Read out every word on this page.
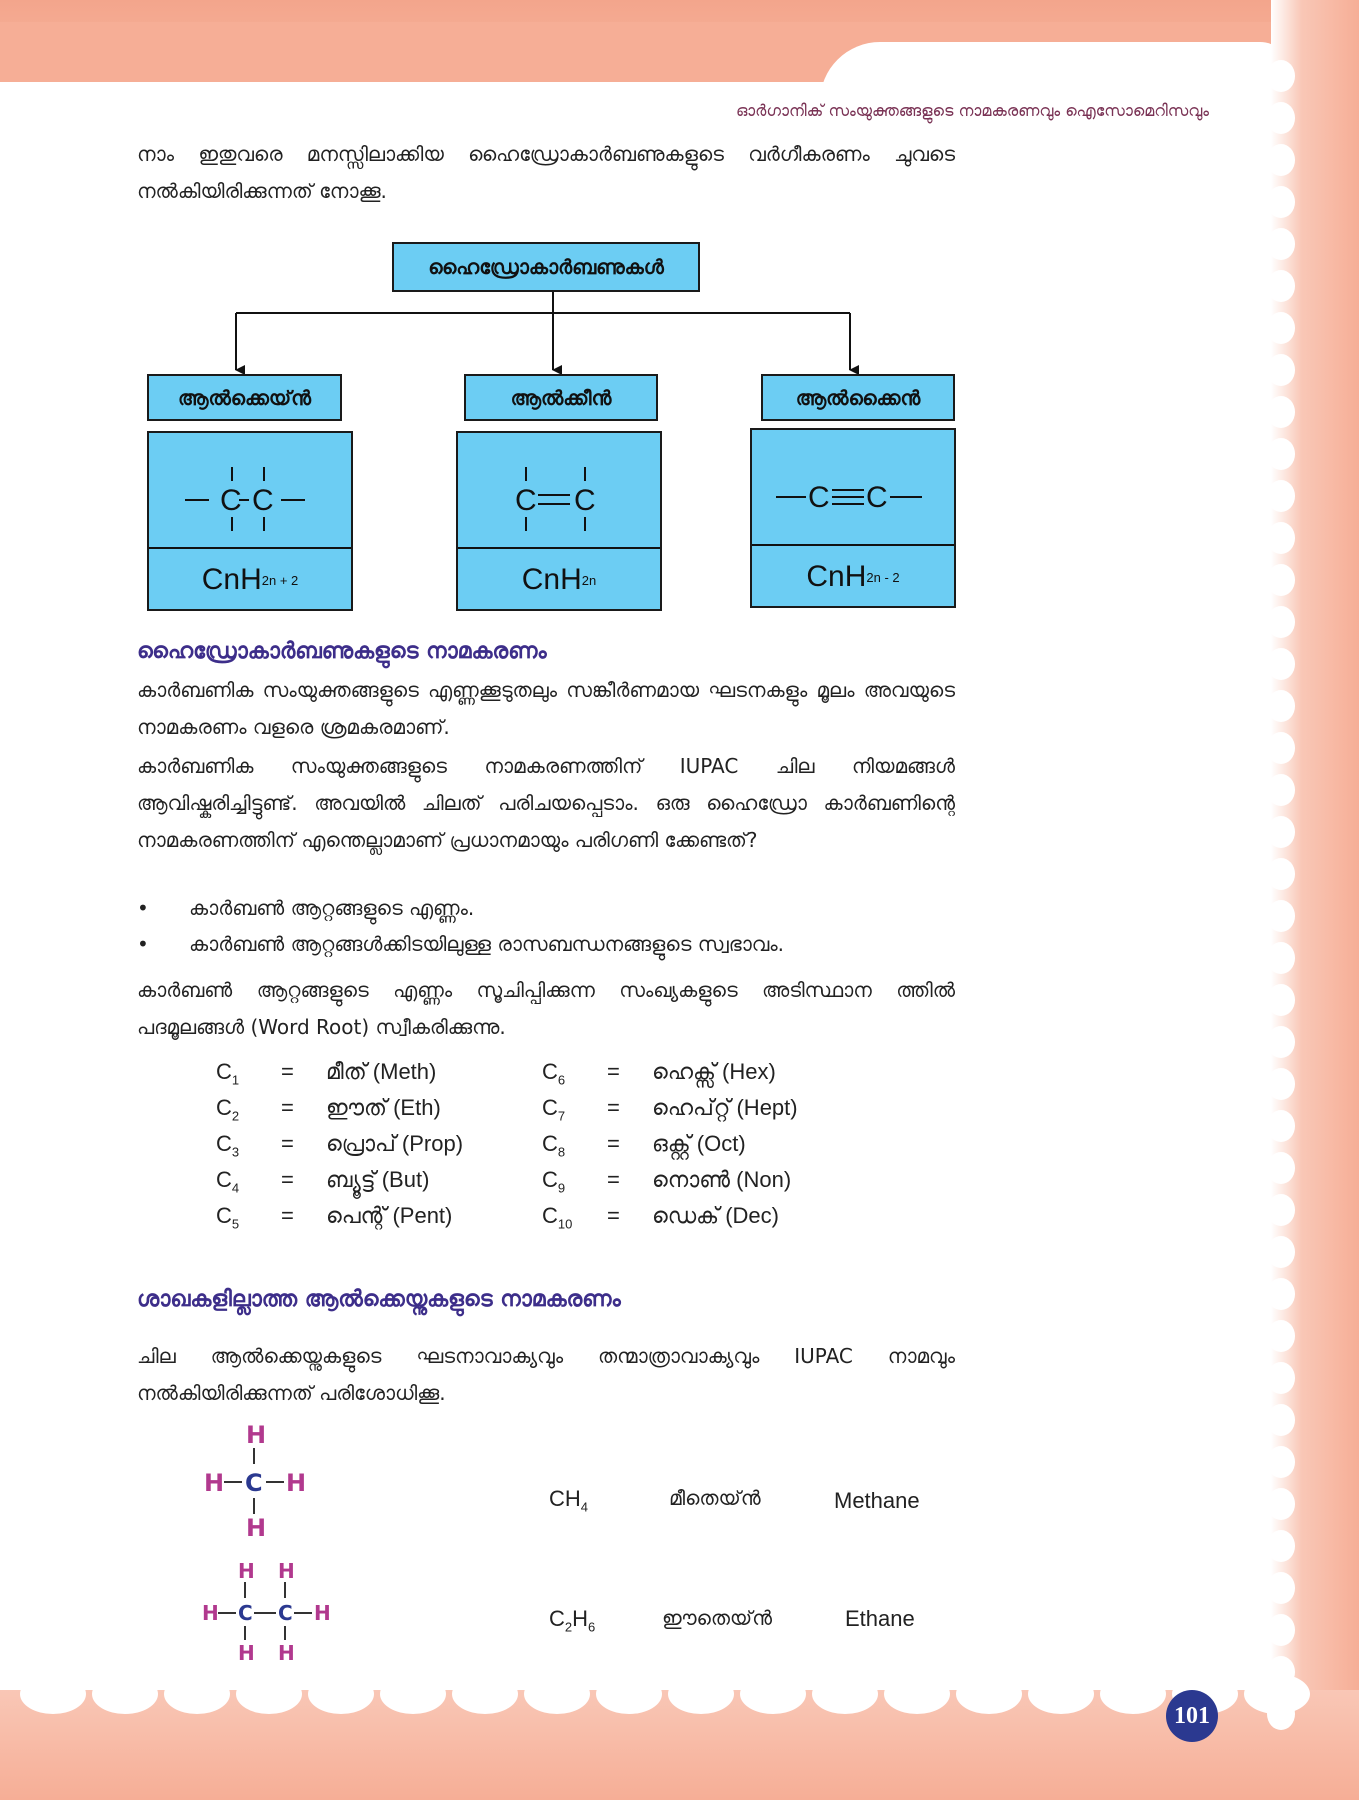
ഓർഗാനിക് സംയുക്തങ്ങളുടെ നാമകരണവും ഐസോമെറിസവും
നാം ഇതുവരെ മനസ്സിലാക്കിയ ഹൈഡ്രോകാർബണുകളുടെ വർഗീകരണം ചുവടെ നൽകിയിരിക്കുന്നത് നോക്കൂ.
ഹൈഡ്രോകാർബണുകൾ
ആൽക്കെയ്ൻ
C C
CnH 2n + 2
ആൽക്കീൻ
C C
CnH 2n
ആൽക്കൈൻ
C C
CnH 2n - 2
ഹൈഡ്രോകാർബണുകളുടെ നാമകരണം
കാർബണിക സംയുക്തങ്ങളുടെ എണ്ണക്കൂടുതലും സങ്കീർണമായ ഘടനകളും മൂലം അവയുടെ നാമകരണം വളരെ ശ്രമകരമാണ്.
കാർബണിക സംയുക്തങ്ങളുടെ നാമകരണത്തിന് IUPAC ചില നിയമങ്ങൾ ആവിഷ്കരിച്ചിട്ടുണ്ട്. അവയിൽ ചിലത് പരിചയപ്പെടാം. ഒരു ഹൈഡ്രോ കാർബണിന്റെ നാമകരണത്തിന് എന്തെല്ലാമാണ് പ്രധാനമായും പരിഗണി ക്കേണ്ടത്?
• കാർബൺ ആറ്റങ്ങളുടെ എണ്ണം.
• കാർബൺ ആറ്റങ്ങൾക്കിടയിലുള്ള രാസബന്ധനങ്ങളുടെ സ്വഭാവം.
കാർബൺ ആറ്റങ്ങളുടെ എണ്ണം സൂചിപ്പിക്കുന്ന സംഖ്യകളുടെ അടിസ്ഥാന ത്തിൽ പദമൂലങ്ങൾ (Word Root) സ്വീകരിക്കുന്നു.
$C_1$	=	മീത് (Meth)
$C_2$	=	ഈത് (Eth)
$C_3$	=	പ്രൊപ് (Prop)
$C_4$	=	ബ്യൂട്ട് (But)
$C_5$	=	പെന്റ് (Pent)
$C_6$	=	ഹെക്സ് (Hex)
$C_7$	=	ഹെപ്റ്റ് (Hept)
$C_8$	=	ഒക്റ്റ് (Oct)
$C_9$	=	നൊൺ (Non)
$C_{10}$	=	ഡെക് (Dec)
ശാഖകളില്ലാത്ത ആൽക്കെയ്നുകളുടെ നാമകരണം
ചില ആൽക്കെയ്നുകളുടെ ഘടനാവാക്യവും തന്മാത്രാവാക്യവും IUPAC നാമവും നൽകിയിരിക്കുന്നത് പരിശോധിക്കൂ.
H
H C H
H
$CH_4$	മീതെയ്ൻ	Methane
H H
H C C H
H H
$C_2H_6$	ഈതെയ്ൻ	Ethane
101
